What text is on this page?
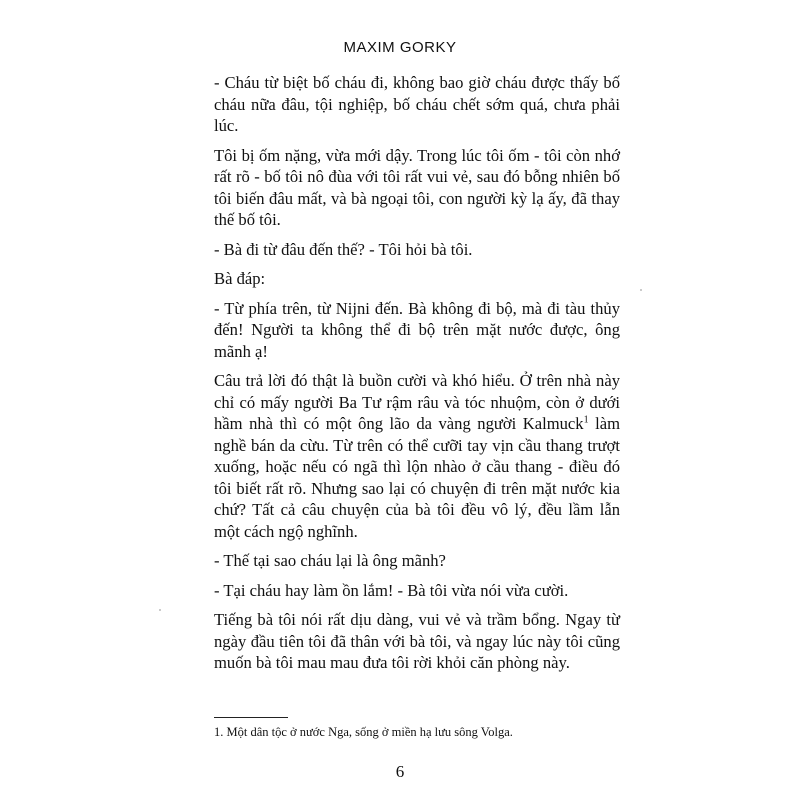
MAXIM GORKY

- Cháu từ biệt bố cháu đi, không bao giờ cháu được thấy bố cháu nữa đâu, tội nghiệp, bố cháu chết sớm quá, chưa phải lúc.

Tôi bị ốm nặng, vừa mới dậy. Trong lúc tôi ốm - tôi còn nhớ rất rõ - bố tôi nô đùa với tôi rất vui vẻ, sau đó bỗng nhiên bố tôi biến đâu mất, và bà ngoại tôi, con người kỳ lạ ấy, đã thay thế bố tôi.

- Bà đi từ đâu đến thế? - Tôi hỏi bà tôi.

Bà đáp:

- Từ phía trên, từ Nijni đến. Bà không đi bộ, mà đi tàu thủy đến! Người ta không thể đi bộ trên mặt nước được, ông mãnh ạ!

Câu trả lời đó thật là buồn cười và khó hiểu. Ở trên nhà này chỉ có mấy người Ba Tư rậm râu và tóc nhuộm, còn ở dưới hầm nhà thì có một ông lão da vàng người Kalmuck$^1$ làm nghề bán da cừu. Từ trên có thể cưỡi tay vịn cầu thang trượt xuống, hoặc nếu có ngã thì lộn nhào ở cầu thang - điều đó tôi biết rất rõ. Nhưng sao lại có chuyện đi trên mặt nước kia chứ? Tất cả câu chuyện của bà tôi đều vô lý, đều lầm lẫn một cách ngộ nghĩnh.

- Thế tại sao cháu lại là ông mãnh?

- Tại cháu hay làm ồn lắm! - Bà tôi vừa nói vừa cười.

Tiếng bà tôi nói rất dịu dàng, vui vẻ và trầm bổng. Ngay từ ngày đầu tiên tôi đã thân với bà tôi, và ngay lúc này tôi cũng muốn bà tôi mau mau đưa tôi rời khỏi căn phòng này.

1. Một dân tộc ở nước Nga, sống ở miền hạ lưu sông Volga.
6
